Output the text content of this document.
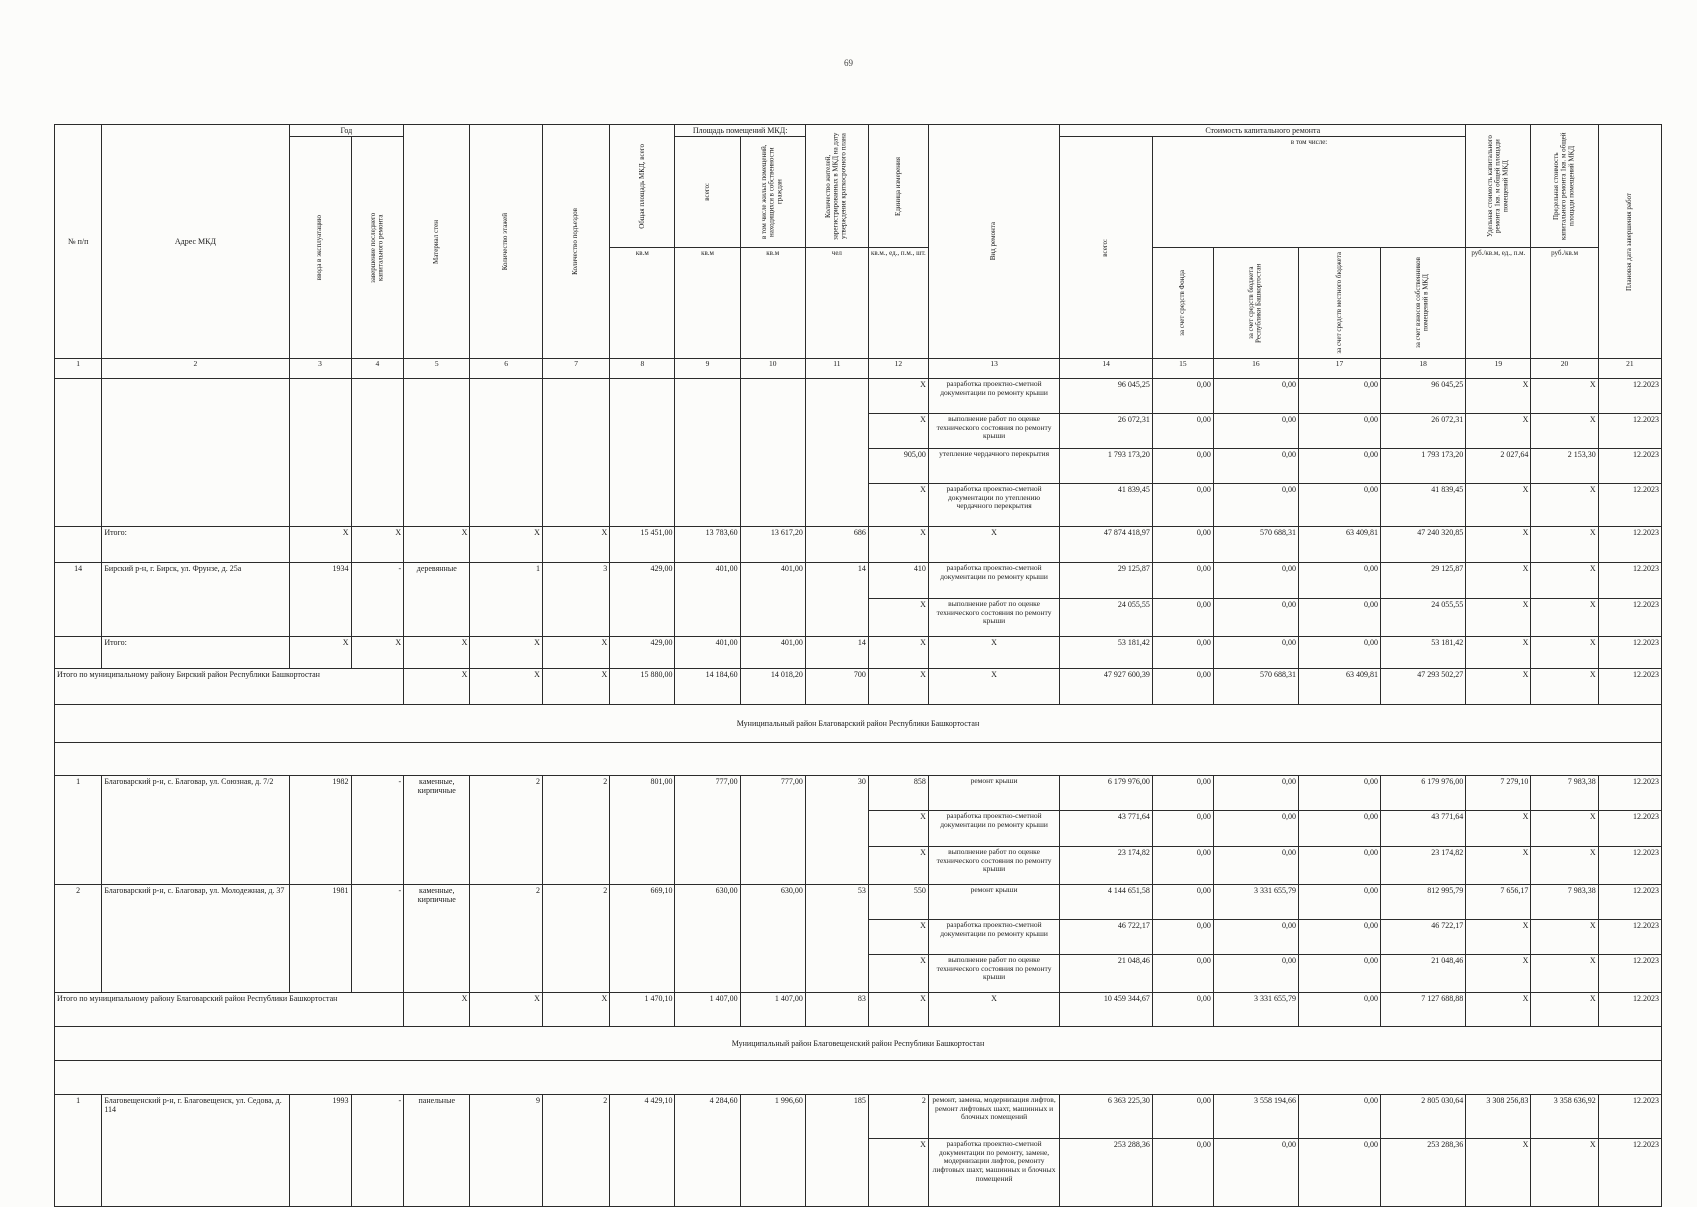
69
№ п/п	Адрес МКД	Год		Материал стен	Количество этажей	Количество подъездов	Общая площадь МКД, всего	Площадь помещений МКД:		Количество жителей, зарегистрированных в МКД на дату утверждения краткосрочного плана	Единица измерения	Вид ремонта	Стоимость капитального ремонта					Удельная стоимость капитального ремонта 1кв. м общей площади помещений МКД	Предельная стоимость капитального ремонта 1кв. м общей площади помещений МКД	Плановая дата завершения работ

		ввода в эксплуатацию	завершение последнего капитального ремонта					всего:	в том числе жилых помещений, находящихся в собственности граждан				всего:	в том числе:						
							кв.м	кв.м	кв.м	чел	кв.м., ед., п.м., шт.			за счет средств Фонда	за счет средств бюджета Республики Башкортостан	за счет средств местного бюджета	за счет взносов собственников помещений в МКД	руб./кв.м, ед., п.м.	руб./кв.м	
1	2	3	4	5	6	7	8	9	10	11	12	13	14	15	16	17	18	19	20	21
											X	разработка проектно-сметной документации по ремонту крыши	96 045,25	0,00	0,00	0,00	96 045,25	X	X	12.2023
											X	выполнение работ по оценке технического состояния по ремонту крыши	26 072,31	0,00	0,00	0,00	26 072,31	X	X	12.2023
											905,00	утепление чердачного перекрытия	1 793 173,20	0,00	0,00	0,00	1 793 173,20	2 027,64	2 153,30	12.2023
											X	разработка проектно-сметной документации по утеплению чердачного перекрытия	41 839,45	0,00	0,00	0,00	41 839,45	X	X	12.2023
	Итого:	X	X	X	X	X	15 451,00	13 783,60	13 617,20	686	X	X	47 874 418,97	0,00	570 688,31	63 409,81	47 240 320,85	X	X	12.2023
14	Бирский р-н, г. Бирск, ул. Фрунзе, д. 25а	1934	-	деревянные	1	3	429,00	401,00	401,00	14	410	разработка проектно-сметной документации по ремонту крыши	29 125,87	0,00	0,00	0,00	29 125,87	X	X	12.2023
											X	выполнение работ по оценке технического состояния по ремонту крыши	24 055,55	0,00	0,00	0,00	24 055,55	X	X	12.2023
	Итого:	X	X	X	X	X	429,00	401,00	401,00	14	X	X	53 181,42	0,00	0,00	0,00	53 181,42	X	X	12.2023
Итого по муниципальному району Бирский район Республики Башкортостан				X	X	X	15 880,00	14 184,60	14 018,20	700	X	X	47 927 600,39	0,00	570 688,31	63 409,81	47 293 502,27	X	X	12.2023
Муниципальный район Благоварский район Республики Башкортостан																				

1	Благоварский р-н, с. Благовар, ул. Союзная, д. 7/2	1982	-	каменные, кирпичные	2	2	801,00	777,00	777,00	30	858	ремонт крыши	6 179 976,00	0,00	0,00	0,00	6 179 976,00	7 279,10	7 983,38	12.2023
											X	разработка проектно-сметной документации по ремонту крыши	43 771,64	0,00	0,00	0,00	43 771,64	X	X	12.2023
											X	выполнение работ по оценке технического состояния по ремонту крыши	23 174,82	0,00	0,00	0,00	23 174,82	X	X	12.2023
2	Благоварский р-н, с. Благовар, ул. Молодежная, д. 37	1981	-	каменные, кирпичные	2	2	669,10	630,00	630,00	53	550	ремонт крыши	4 144 651,58	0,00	3 331 655,79	0,00	812 995,79	7 656,17	7 983,38	12.2023
											X	разработка проектно-сметной документации по ремонту крыши	46 722,17	0,00	0,00	0,00	46 722,17	X	X	12.2023
											X	выполнение работ по оценке технического состояния по ремонту крыши	21 048,46	0,00	0,00	0,00	21 048,46	X	X	12.2023
Итого по муниципальному району Благоварский район Республики Башкортостан				X	X	X	1 470,10	1 407,00	1 407,00	83	X	X	10 459 344,67	0,00	3 331 655,79	0,00	7 127 688,88	X	X	12.2023
Муниципальный район Благовещенский район Республики Башкортостан																				

1	Благовещенский р-н, г. Благовещенск, ул. Седова, д. 114	1993	-	панельные	9	2	4 429,10	4 284,60	1 996,60	185	2	ремонт, замена, модернизация лифтов, ремонт лифтовых шахт, машинных и блочных помещений	6 363 225,30	0,00	3 558 194,66	0,00	2 805 030,64	3 308 256,83	3 358 636,92	12.2023
											X	разработка проектно-сметной документации по ремонту, замене, модернизации лифтов, ремонту лифтовых шахт, машинных и блочных помещений	253 288,36	0,00	0,00	0,00	253 288,36	X	X	12.2023
